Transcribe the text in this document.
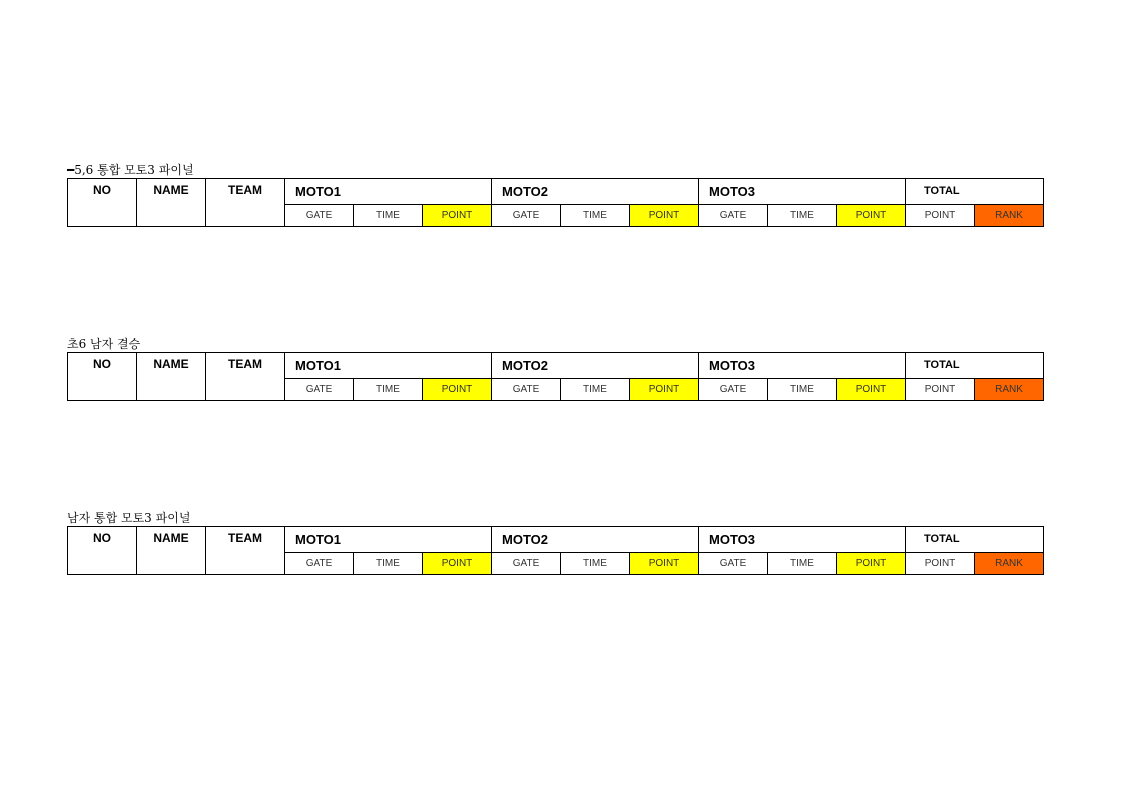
━5,6 통합 모토3 파이널
NO	NAME	TEAM	MOTO1			MOTO2			MOTO3			TOTAL	
			GATE	TIME	POINT	GATE	TIME	POINT	GATE	TIME	POINT	POINT	RANK
초6 남자 결승
NO	NAME	TEAM	MOTO1			MOTO2			MOTO3			TOTAL	
			GATE	TIME	POINT	GATE	TIME	POINT	GATE	TIME	POINT	POINT	RANK
남자 통합 모토3 파이널
NO	NAME	TEAM	MOTO1			MOTO2			MOTO3			TOTAL	
			GATE	TIME	POINT	GATE	TIME	POINT	GATE	TIME	POINT	POINT	RANK
